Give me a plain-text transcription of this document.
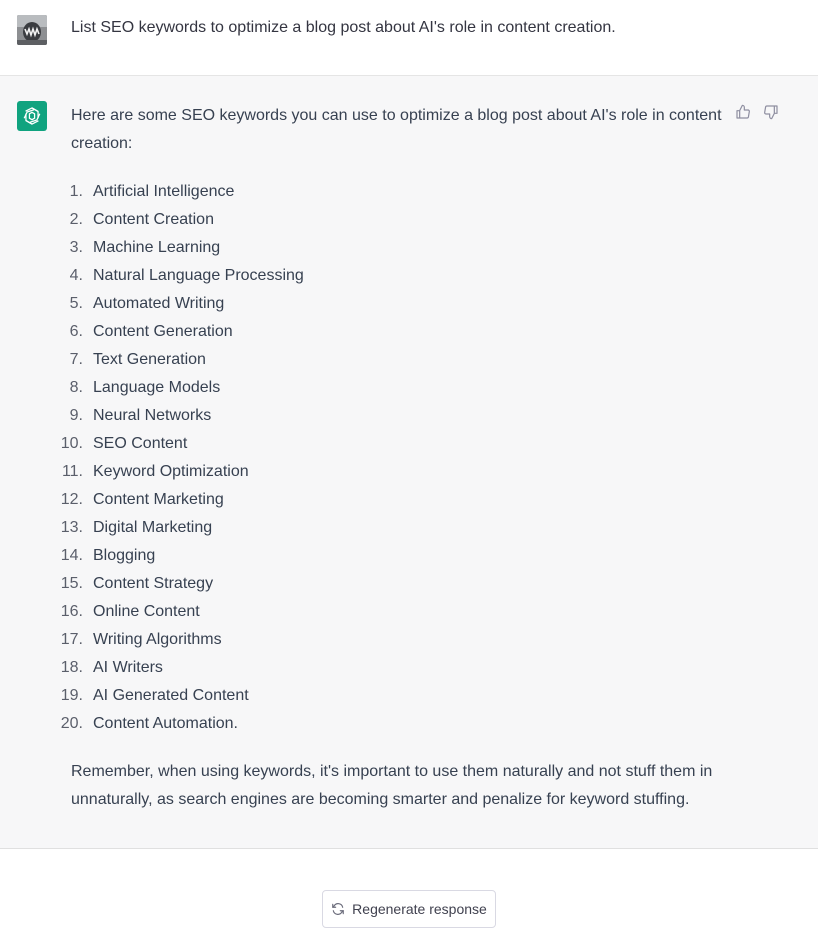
List SEO keywords to optimize a blog post about AI's role in content creation.
Here are some SEO keywords you can use to optimize a blog post about AI's role in content
creation:
1. Artificial Intelligence
2. Content Creation
3. Machine Learning
4. Natural Language Processing
5. Automated Writing
6. Content Generation
7. Text Generation
8. Language Models
9. Neural Networks
10. SEO Content
11. Keyword Optimization
12. Content Marketing
13. Digital Marketing
14. Blogging
15. Content Strategy
16. Online Content
17. Writing Algorithms
18. AI Writers
19. AI Generated Content
20. Content Automation.
Remember, when using keywords, it's important to use them naturally and not stuff them in
unnaturally, as search engines are becoming smarter and penalize for keyword stuffing.
Regenerate response
